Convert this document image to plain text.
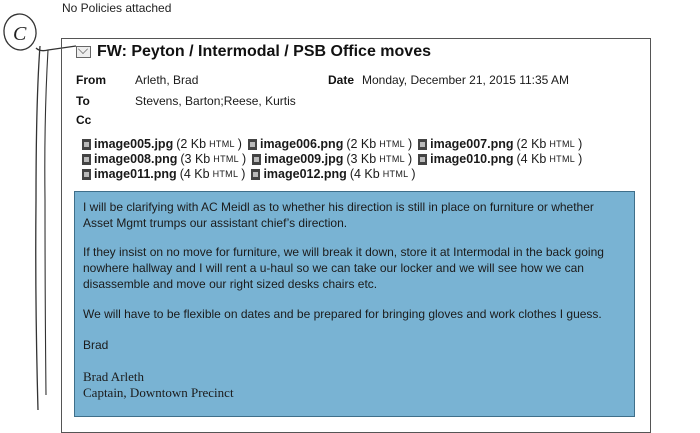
No Policies attached
C
FW: Peyton / Intermodal / PSB Office moves
From Arleth, Brad	Date Monday, December 21, 2015 11:35 AM
To	Stevens, Barton;Reese, Kurtis
Cc
image005.jpg (2 Kb HTML ) image006.png (2 Kb HTML ) image007.png (2 Kb HTML )
image008.png (3 Kb HTML ) image009.jpg (3 Kb HTML ) image010.png (4 Kb HTML )
image011.png (4 Kb HTML ) image012.png (4 Kb HTML )
I will be clarifying with AC Meidl as to whether his direction is still in place on furniture or whether
Asset Mgmt trumps our assistant chief’s direction.
If they insist on no move for furniture, we will break it down, store it at Intermodal in the back going
nowhere hallway and I will rent a u-haul so we can take our locker and we will see how we can
disassemble and move our right sized desks chairs etc.
We will have to be flexible on dates and be prepared for bringing gloves and work clothes I guess.
Brad
Brad Arleth
Captain, Downtown Precinct
